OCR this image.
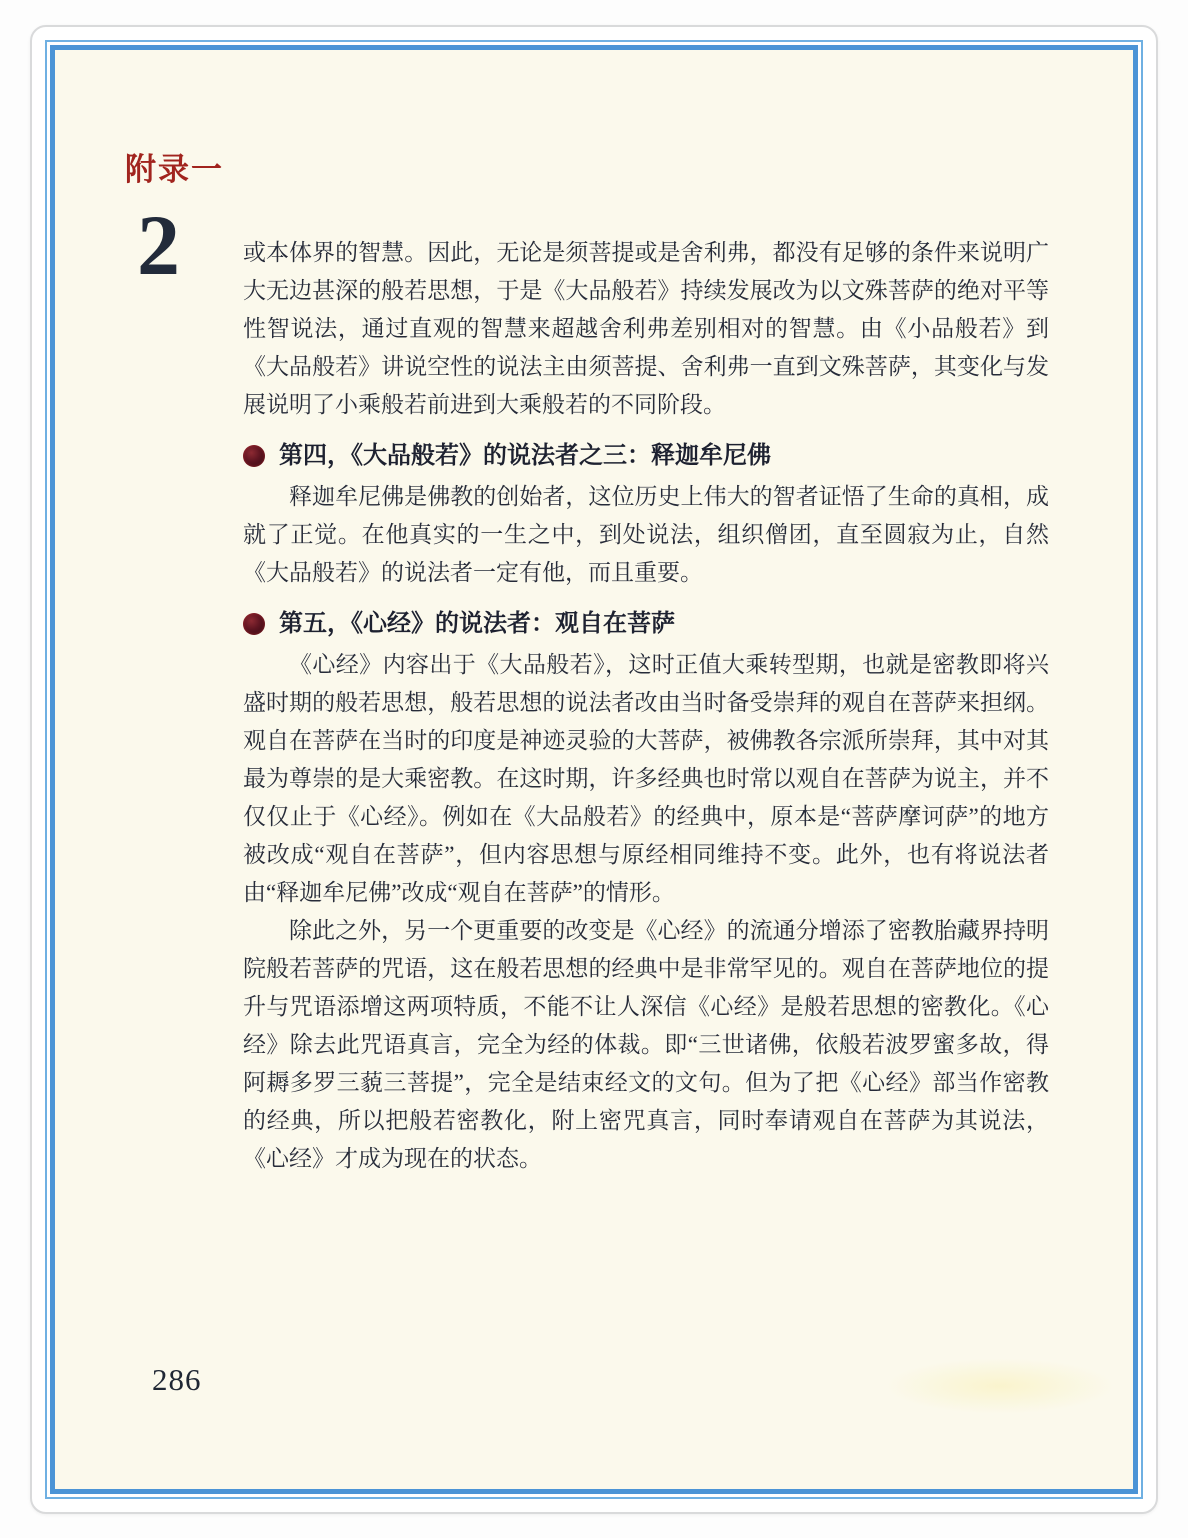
附录一
2	或本体界的智慧。因此，无论是须菩提或是舍利弗，都没有足够的条件来说明广大无边甚深的般若思想，于是《大品般若》持续发展改为以文殊菩萨的绝对平等性智说法，通过直观的智慧来超越舍利弗差别相对的智慧。由《小品般若》到《大品般若》讲说空性的说法主由须菩提、舍利弗一直到文殊菩萨，其变化与发展说明了小乘般若前进到大乘般若的不同阶段。

第四，《大品般若》的说法者之三：释迦牟尼佛

释迦牟尼佛是佛教的创始者，这位历史上伟大的智者证悟了生命的真相，成就了正觉。在他真实的一生之中，到处说法，组织僧团，直至圆寂为止，自然《大品般若》的说法者一定有他，而且重要。

第五，《心经》的说法者：观自在菩萨

《心经》内容出于《大品般若》，这时正值大乘转型期，也就是密教即将兴盛时期的般若思想，般若思想的说法者改由当时备受崇拜的观自在菩萨来担纲。观自在菩萨在当时的印度是神迹灵验的大菩萨，被佛教各宗派所崇拜，其中对其最为尊崇的是大乘密教。在这时期，许多经典也时常以观自在菩萨为说主，并不仅仅止于《心经》。例如在《大品般若》的经典中，原本是“菩萨摩诃萨”的地方被改成“观自在菩萨”，但内容思想与原经相同维持不变。此外，也有将说法者由“释迦牟尼佛”改成“观自在菩萨”的情形。

除此之外，另一个更重要的改变是《心经》的流通分增添了密教胎藏界持明院般若菩萨的咒语，这在般若思想的经典中是非常罕见的。观自在菩萨地位的提升与咒语添增这两项特质，不能不让人深信《心经》是般若思想的密教化。《心经》除去此咒语真言，完全为经的体裁。即“三世诸佛，依般若波罗蜜多故，得阿耨多罗三藐三菩提”，完全是结束经文的文句。但为了把《心经》部当作密教的经典，所以把般若密教化，附上密咒真言，同时奉请观自在菩萨为其说法，《心经》才成为现在的状态。

286
